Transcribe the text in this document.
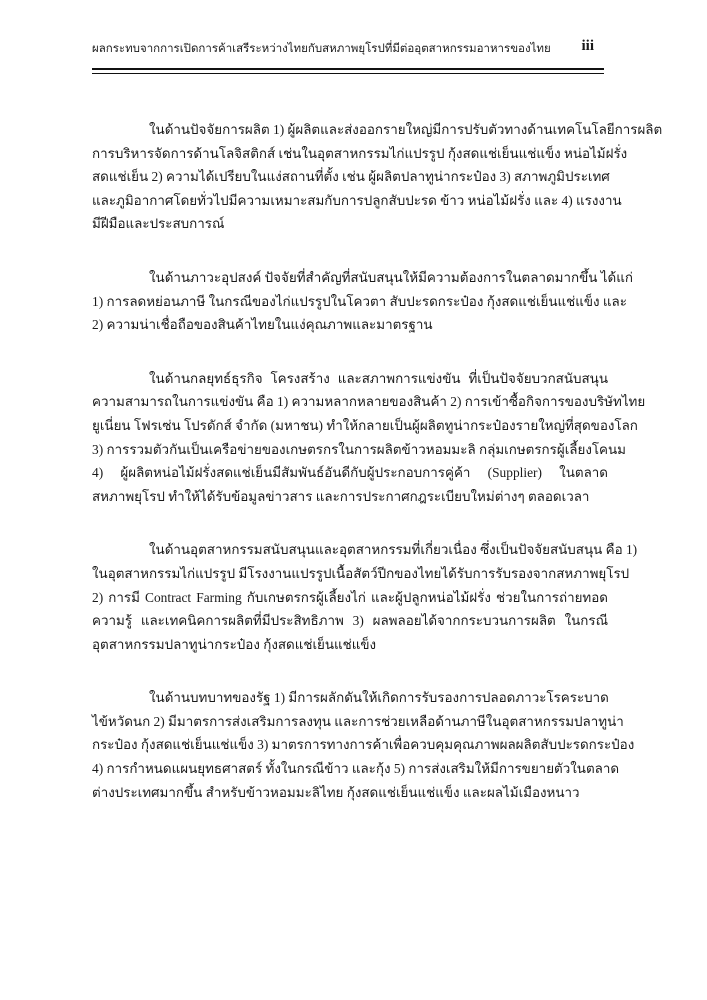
ผลกระทบจากการเปิดการค้าเสรีระหว่างไทยกับสหภาพยุโรปที่มีต่ออุตสาหกรรมอาหารของไทย iii
ในด้านปัจจัยการผลิต 1) ผู้ผลิตและส่งออกรายใหญ่มีการปรับตัวทางด้านเทคโนโลยีการผลิต
การบริหารจัดการด้านโลจิสติกส์ เช่นในอุตสาหกรรมไก่แปรรูป กุ้งสดแช่เย็นแช่แข็ง หน่อไม้ฝรั่ง
สดแช่เย็น 2) ความได้เปรียบในแง่สถานที่ตั้ง เช่น ผู้ผลิตปลาทูน่ากระป๋อง 3) สภาพภูมิประเทศ
และภูมิอากาศโดยทั่วไปมีความเหมาะสมกับการปลูกสับปะรด ข้าว หน่อไม้ฝรั่ง และ 4) แรงงาน
มีฝีมือและประสบการณ์
ในด้านภาวะอุปสงค์ ปัจจัยที่สำคัญที่สนับสนุนให้มีความต้องการในตลาดมากขึ้น ได้แก่
1) การลดหย่อนภาษี ในกรณีของไก่แปรรูปในโควตา สับปะรดกระป๋อง กุ้งสดแช่เย็นแช่แข็ง และ
2) ความน่าเชื่อถือของสินค้าไทยในแง่คุณภาพและมาตรฐาน
ในด้านกลยุทธ์ธุรกิจ โครงสร้าง และสภาพการแข่งขัน ที่เป็นปัจจัยบวกสนับสนุน
ความสามารถในการแข่งขัน คือ 1) ความหลากหลายของสินค้า 2) การเข้าซื้อกิจการของบริษัทไทย
ยูเนี่ยน โฟรเซ่น โปรดักส์ จำกัด (มหาชน) ทำให้กลายเป็นผู้ผลิตทูน่ากระป๋องรายใหญ่ที่สุดของโลก
3) การรวมตัวกันเป็นเครือข่ายของเกษตรกรในการผลิตข้าวหอมมะลิ กลุ่มเกษตรกรผู้เลี้ยงโคนม
4) ผู้ผลิตหน่อไม้ฝรั่งสดแช่เย็นมีสัมพันธ์อันดีกับผู้ประกอบการคู่ค้า (Supplier) ในตลาด
สหภาพยุโรป ทำให้ได้รับข้อมูลข่าวสาร และการประกาศกฎระเบียบใหม่ต่างๆ ตลอดเวลา
ในด้านอุตสาหกรรมสนับสนุนและอุตสาหกรรมที่เกี่ยวเนื่อง ซึ่งเป็นปัจจัยสนับสนุน คือ 1)
ในอุตสาหกรรมไก่แปรรูป มีโรงงานแปรรูปเนื้อสัตว์ปีกของไทยได้รับการรับรองจากสหภาพยุโรป
2) การมี Contract Farming กับเกษตรกรผู้เลี้ยงไก่ และผู้ปลูกหน่อไม้ฝรั่ง ช่วยในการถ่ายทอด
ความรู้ และเทคนิคการผลิตที่มีประสิทธิภาพ 3) ผลพลอยได้จากกระบวนการผลิต ในกรณี
อุตสาหกรรมปลาทูน่ากระป๋อง กุ้งสดแช่เย็นแช่แข็ง
ในด้านบทบาทของรัฐ 1) มีการผลักดันให้เกิดการรับรองการปลอดภาวะโรคระบาด
ไข้หวัดนก 2) มีมาตรการส่งเสริมการลงทุน และการช่วยเหลือด้านภาษีในอุตสาหกรรมปลาทูน่า
กระป๋อง กุ้งสดแช่เย็นแช่แข็ง 3) มาตรการทางการค้าเพื่อควบคุมคุณภาพผลผลิตสับปะรดกระป๋อง
4) การกำหนดแผนยุทธศาสตร์ ทั้งในกรณีข้าว และกุ้ง 5) การส่งเสริมให้มีการขยายตัวในตลาด
ต่างประเทศมากขึ้น สำหรับข้าวหอมมะลิไทย กุ้งสดแช่เย็นแช่แข็ง และผลไม้เมืองหนาว
